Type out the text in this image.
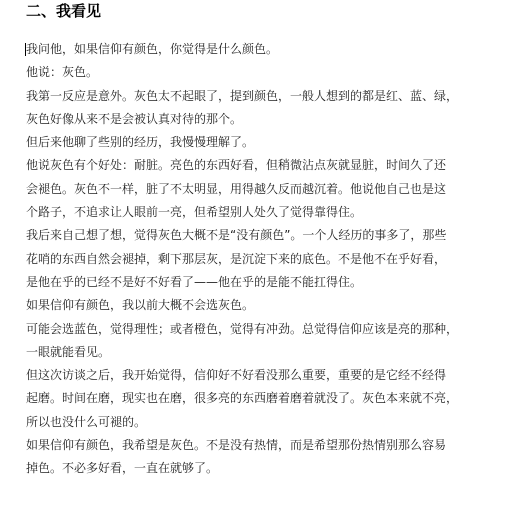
二、我看见

我问他，如果信仰有颜色，你觉得是什么颜色。

他说：灰色。

我第一反应是意外。灰色太不起眼了，提到颜色，一般人想到的都是红、蓝、绿，
灰色好像从来不是会被认真对待的那个。

但后来他聊了些别的经历，我慢慢理解了。

他说灰色有个好处：耐脏。亮色的东西好看，但稍微沾点灰就显脏，时间久了还
会褪色。灰色不一样，脏了不太明显，用得越久反而越沉着。他说他自己也是这
个路子，不追求让人眼前一亮，但希望别人处久了觉得靠得住。

我后来自己想了想，觉得灰色大概不是“没有颜色”。一个人经历的事多了，那些
花哨的东西自然会褪掉，剩下那层灰，是沉淀下来的底色。不是他不在乎好看，
是他在乎的已经不是好不好看了——他在乎的是能不能扛得住。

如果信仰有颜色，我以前大概不会选灰色。

可能会选蓝色，觉得理性；或者橙色，觉得有冲劲。总觉得信仰应该是亮的那种，
一眼就能看见。

但这次访谈之后，我开始觉得，信仰好不好看没那么重要，重要的是它经不经得
起磨。时间在磨，现实也在磨，很多亮的东西磨着磨着就没了。灰色本来就不亮，
所以也没什么可褪的。

如果信仰有颜色，我希望是灰色。不是没有热情，而是希望那份热情别那么容易
掉色。不必多好看，一直在就够了。
